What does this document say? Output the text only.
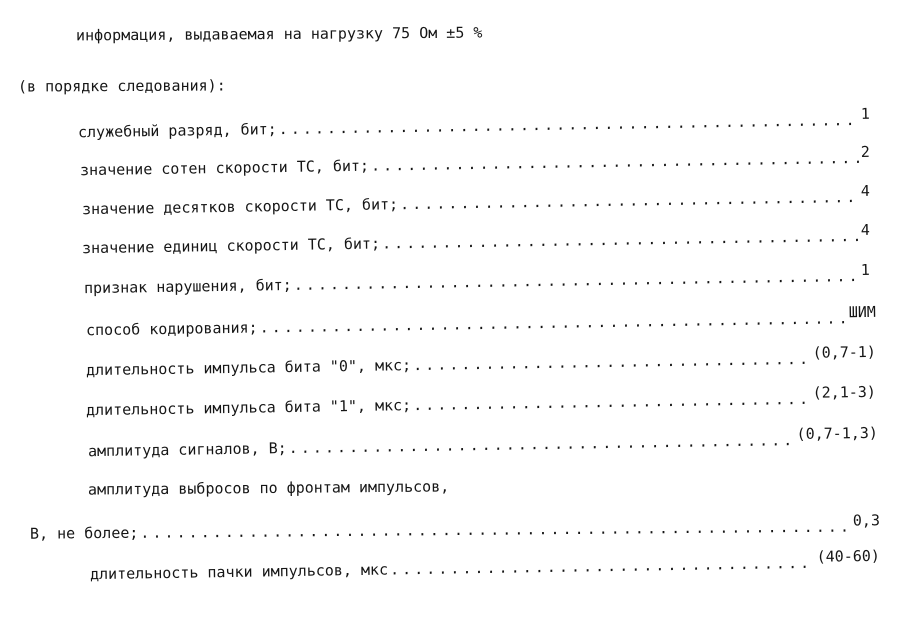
информация, выдаваемая на нагрузку 75 Ом ±5 %
(в порядке следования):
служебный разряд, бит;
. . .
1
значение сотен скорости ТС, бит;
. . .
2
значение десятков скорости ТС, бит;
. . .
4
значение единиц скорости ТС, бит;
. . .
4
признак нарушения, бит;
. . .
1
способ кодирования;
. . .
ШИМ
длительность импульса бита "0", мкс;
. . .
(0,7-1)
длительность импульса бита "1", мкс;
. . .
(2,1-3)
амплитуда сигналов, В;
. . .
(0,7-1,3)
амплитуда выбросов по фронтам импульсов,
В, не более;
. . .
0,3
длительность пачки импульсов, мкс
. . .
(40-60)
